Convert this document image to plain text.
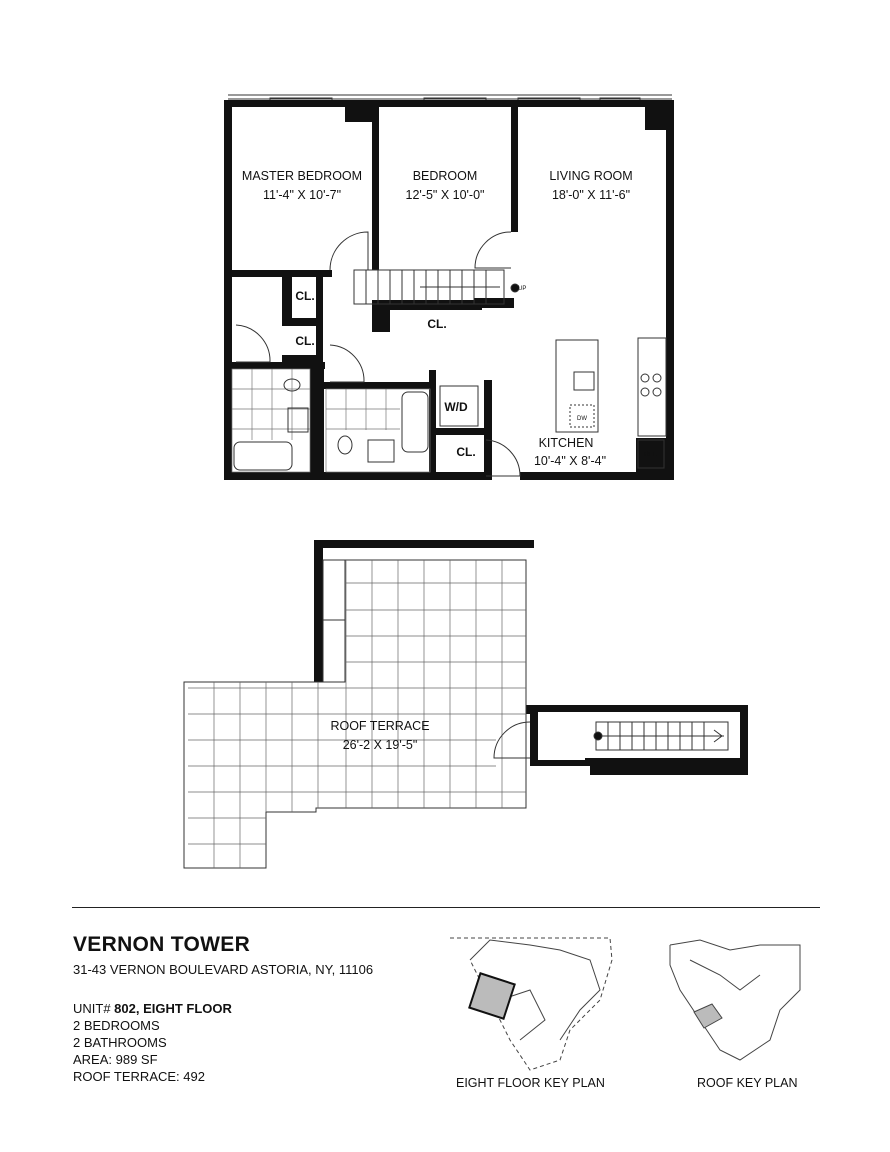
MASTER BEDROOM
11'-4" X 10'-7"
BEDROOM
12'-5" X 10'-0"
LIVING ROOM
18'-0" X 11'-6"
KITCHEN
10'-4" X 8'-4"
CL.
CL.
CL.
CL.
W/D
DW
REF.
UP
ROOF TERRACE
26'-2 X 19'-5"
VERNON TOWER
31-43 VERNON BOULEVARD ASTORIA, NY, 11106
UNIT# 802, EIGHT FLOOR
2 BEDROOMS
2 BATHROOMS
AREA: 989 SF
ROOF TERRACE: 492	EIGHT FLOOR KEY PLAN	ROOF KEY PLAN
